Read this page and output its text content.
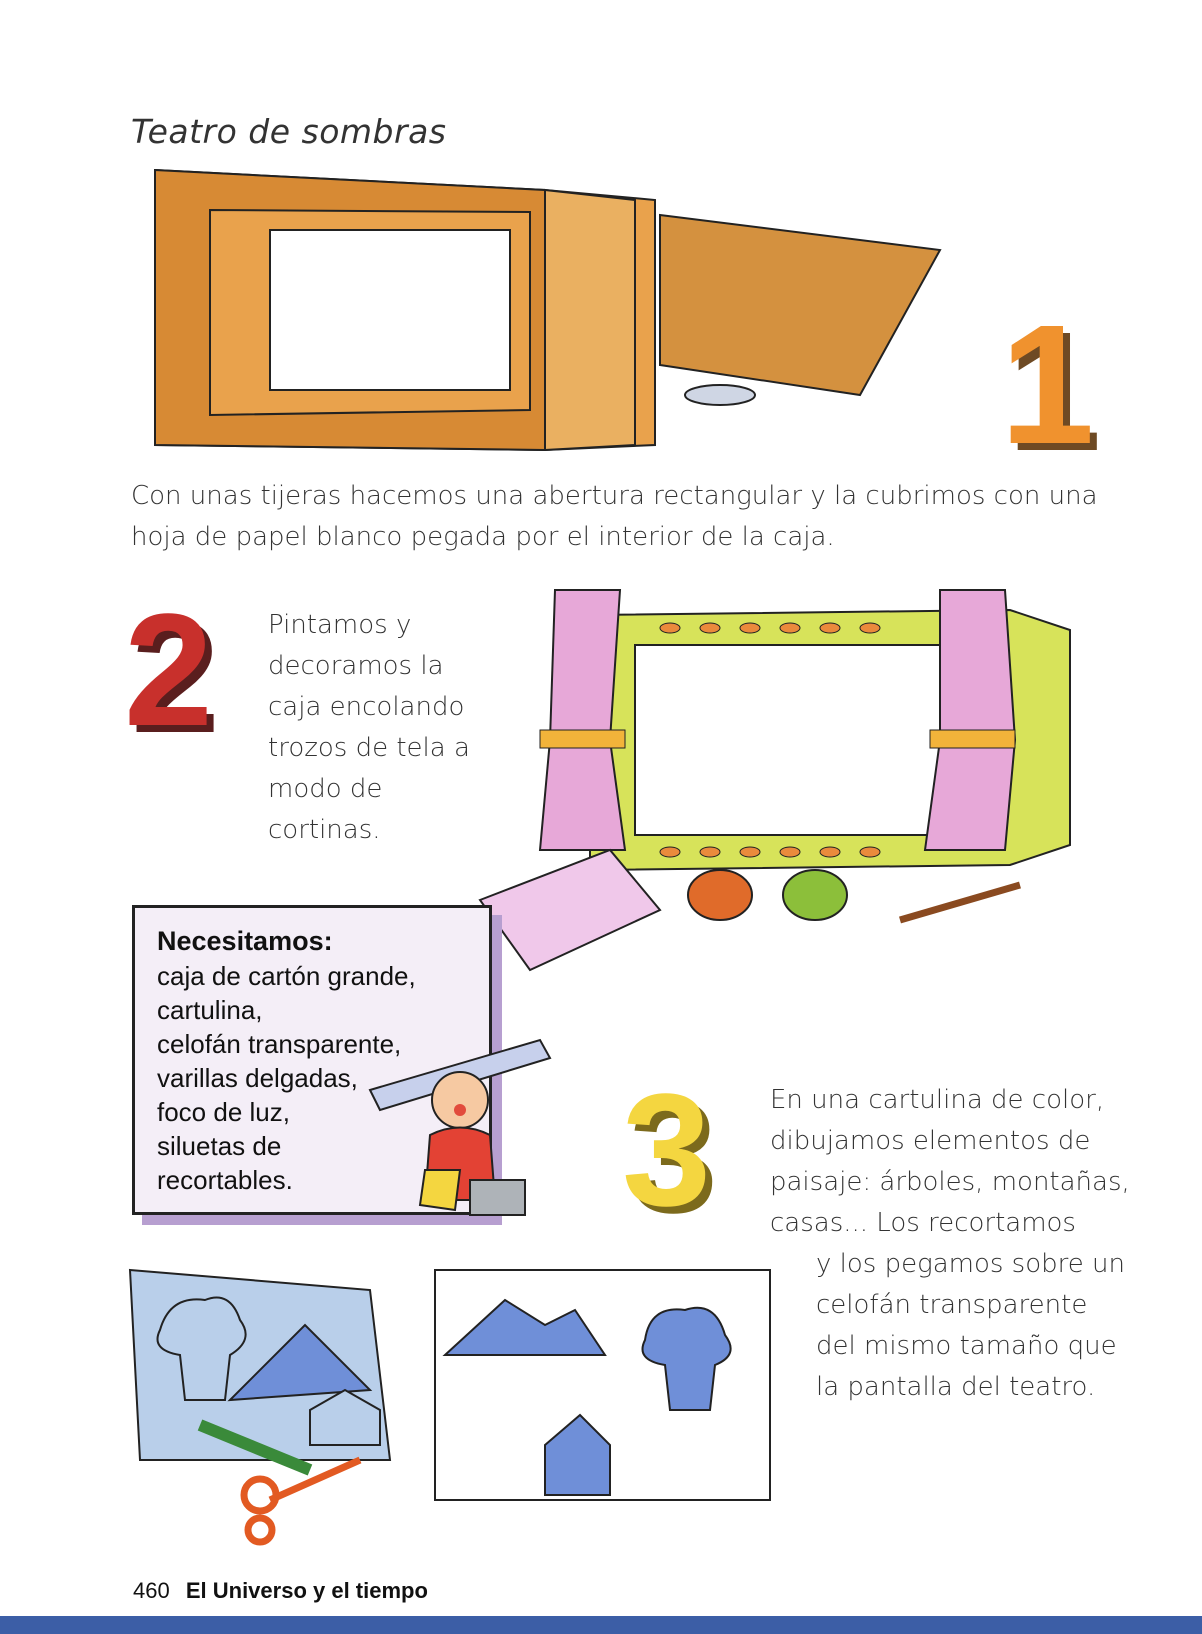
Teatro de sombras
1
Con unas tijeras hacemos una abertura rectangular y la cubrimos con una hoja de papel blanco pegada por el interior de la caja.
2 Pintamos y
decoramos la
caja encolando
trozos de tela a
modo de
cortinas.
Necesitamos:
caja de cartón grande,
cartulina,
celofán transparente,
varillas delgadas,
foco de luz,
siluetas de
recortables.	3 En una cartulina de color,
dibujamos elementos de
paisaje: árboles, montañas,
casas... Los recortamos
y los pegamos sobre un
celofán transparente
del mismo tamaño que
la pantalla del teatro.
460 El Universo y el tiempo
